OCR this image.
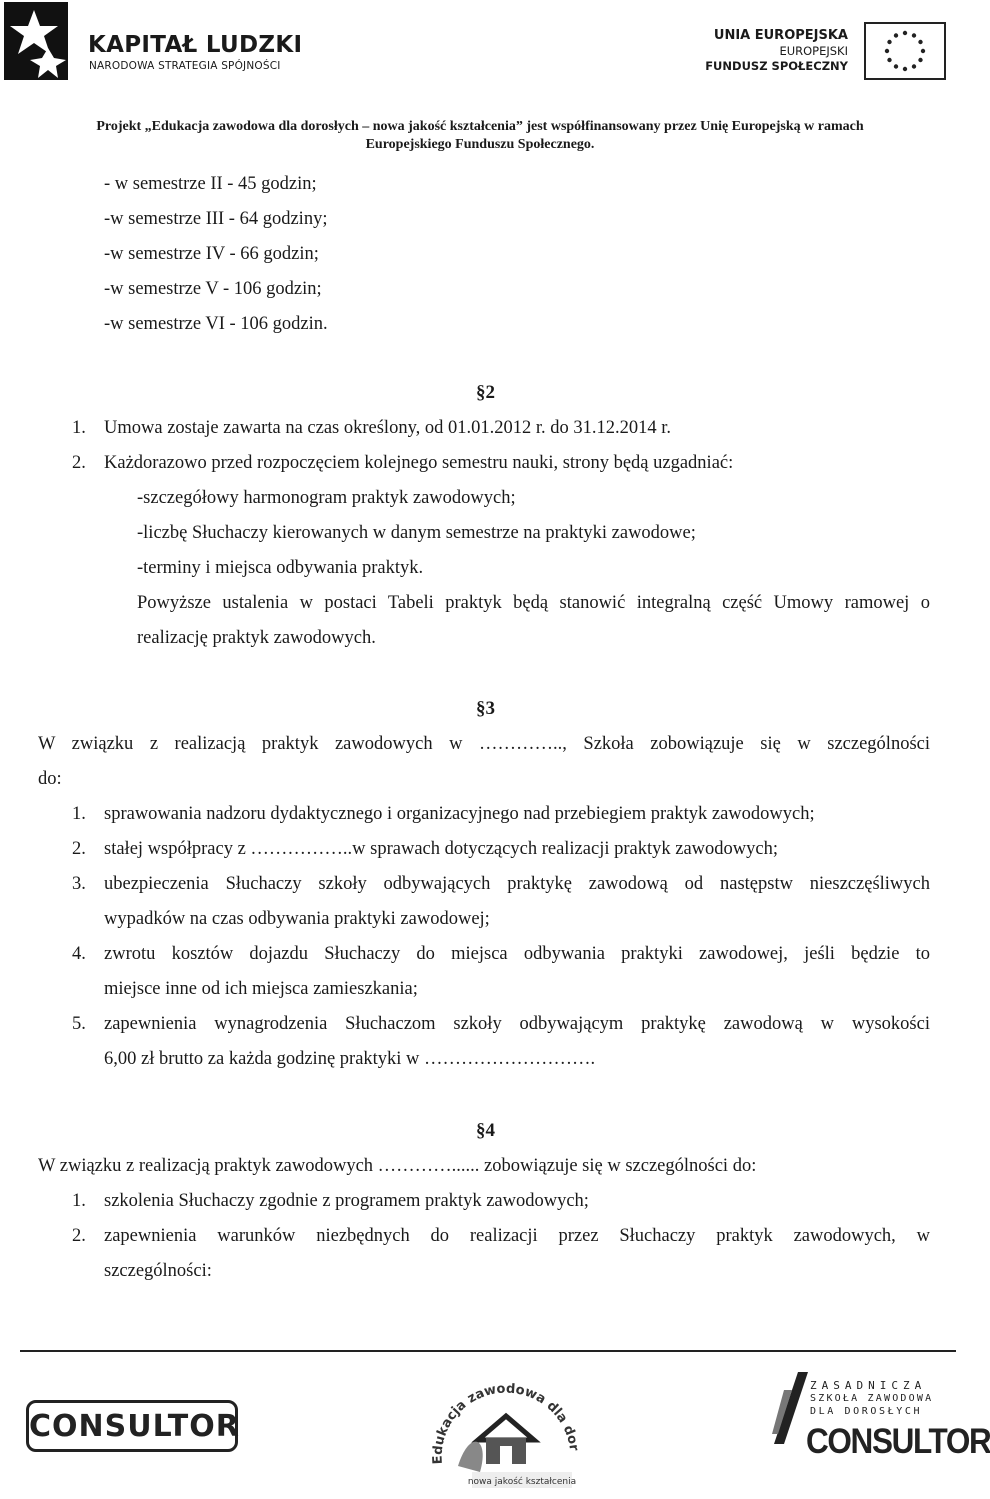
KAPITAŁ LUDZKI
NARODOWA STRATEGIA SPÓJNOŚCI
UNIA EUROPEJSKA
EUROPEJSKI
FUNDUSZ SPOŁECZNY
Projekt „Edukacja zawodowa dla dorosłych – nowa jakość kształcenia” jest współfinansowany przez Unię Europejską w ramach
Europejskiego Funduszu Społecznego.
- w semestrze II - 45 godzin;
-w semestrze III - 64 godziny;
-w semestrze IV - 66 godzin;
-w semestrze V - 106 godzin;
-w semestrze VI - 106 godzin.
§2
1. Umowa zostaje zawarta na czas określony, od 01.01.2012 r. do 31.12.2014 r.
2. Każdorazowo przed rozpoczęciem kolejnego semestru nauki, strony będą uzgadniać:
-szczegółowy harmonogram praktyk zawodowych;
-liczbę Słuchaczy kierowanych w danym semestrze na praktyki zawodowe;
-terminy i miejsca odbywania praktyk.
Powyższe ustalenia w postaci Tabeli praktyk będą stanowić integralną część Umowy ramowej o
realizację praktyk zawodowych.
§3
W związku z realizacją praktyk zawodowych w ………….., Szkoła zobowiązuje się w szczególności
do:
1. sprawowania nadzoru dydaktycznego i organizacyjnego nad przebiegiem praktyk zawodowych;
2. stałej współpracy z ……………..w sprawach dotyczących realizacji praktyk zawodowych;
3. ubezpieczenia Słuchaczy szkoły odbywających praktykę zawodową od następstw nieszczęśliwych
wypadków na czas odbywania praktyki zawodowej;
4. zwrotu kosztów dojazdu Słuchaczy do miejsca odbywania praktyki zawodowej, jeśli będzie to
miejsce inne od ich miejsca zamieszkania;
5. zapewnienia wynagrodzenia Słuchaczom szkoły odbywającym praktykę zawodową w wysokości
6,00 zł brutto za każda godzinę praktyki w ……………………….
§4
W związku z realizacją praktyk zawodowych …………...... zobowiązuje się w szczególności do:
1. szkolenia Słuchaczy zgodnie z programem praktyk zawodowych;
2. zapewnienia warunków niezbędnych do realizacji przez Słuchaczy praktyk zawodowych, w
szczególności:
CONSULTOR
Edukacja zawodowa dla dor
nowa jakość kształcenia
ZASADNICZA
SZKOŁA ZAWODOWA
DLA DOROSŁYCH
CONSULTOR
